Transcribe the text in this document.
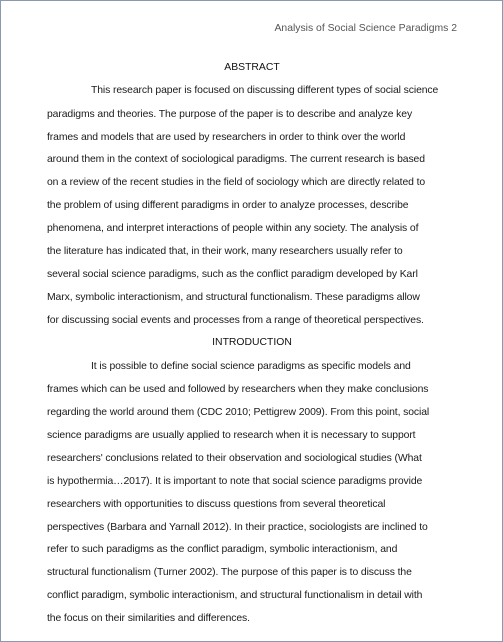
Analysis of Social Science Paradigms 2
ABSTRACT
This research paper is focused on discussing different types of social science
paradigms and theories. The purpose of the paper is to describe and analyze key
frames and models that are used by researchers in order to think over the world
around them in the context of sociological paradigms. The current research is based
on a review of the recent studies in the field of sociology which are directly related to
the problem of using different paradigms in order to analyze processes, describe
phenomena, and interpret interactions of people within any society. The analysis of
the literature has indicated that, in their work, many researchers usually refer to
several social science paradigms, such as the conflict paradigm developed by Karl
Marx, symbolic interactionism, and structural functionalism. These paradigms allow
for discussing social events and processes from a range of theoretical perspectives.
INTRODUCTION
It is possible to define social science paradigms as specific models and
frames which can be used and followed by researchers when they make conclusions
regarding the world around them (CDC 2010; Pettigrew 2009). From this point, social
science paradigms are usually applied to research when it is necessary to support
researchers' conclusions related to their observation and sociological studies (What
is hypothermia…2017). It is important to note that social science paradigms provide
researchers with opportunities to discuss questions from several theoretical
perspectives (Barbara and Yarnall 2012). In their practice, sociologists are inclined to
refer to such paradigms as the conflict paradigm, symbolic interactionism, and
structural functionalism (Turner 2002). The purpose of this paper is to discuss the
conflict paradigm, symbolic interactionism, and structural functionalism in detail with
the focus on their similarities and differences.
